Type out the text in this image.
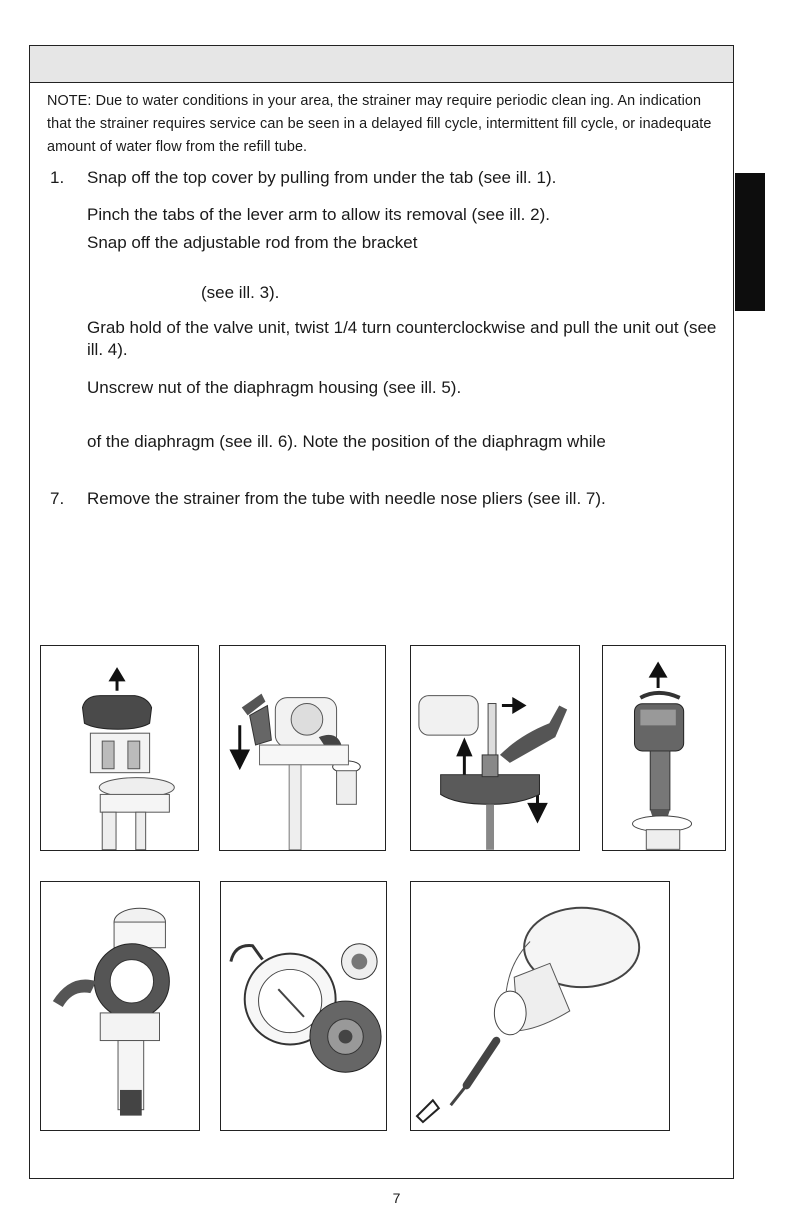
NOTE: Due to water conditions in your area, the strainer may require periodic clean ing. An indication that the strainer requires service can be seen in a delayed fill cycle, intermittent fill cycle, or inadequate amount of water flow from the refill tube.
1. Snap off the top cover by pulling from under the tab (see ill. 1).
Pinch the tabs of the lever arm to allow its removal (see ill. 2).
Snap off the adjustable rod from the bracket
(see ill. 3).
Grab hold of the valve unit, twist 1/4 turn counterclockwise and pull the unit out (see ill. 4).
Unscrew nut of the diaphragm housing (see ill. 5).
of the diaphragm (see ill. 6). Note the position of the diaphragm while
7. Remove the strainer from the tube with needle nose pliers (see ill. 7).
7
